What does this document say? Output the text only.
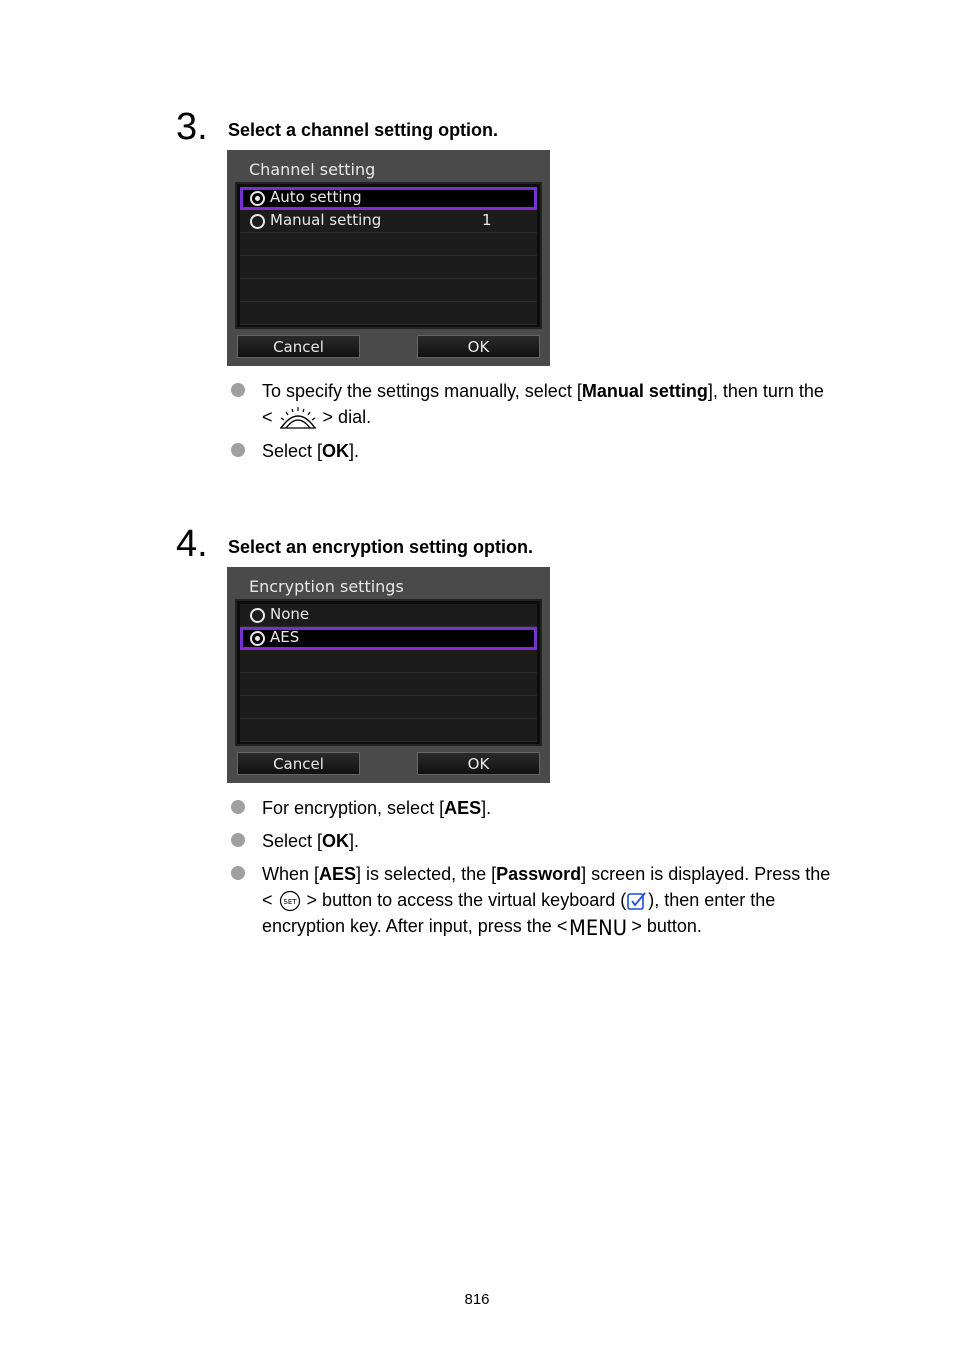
3. Select a channel setting option.
Channel setting
Auto setting
Manual setting	1
Cancel	OK
To specify the settings manually, select [Manual setting], then turn the
<	> dial.
Select [OK].
4. Select an encryption setting option.
Encryption settings
None
AES
Cancel	OK
For encryption, select [AES].
Select [OK].
When [AES] is selected, the [Password] screen is displayed. Press the
< SET > button to access the virtual keyboard ( ), then enter the
encryption key. After input, press the < MENU > button.
816
